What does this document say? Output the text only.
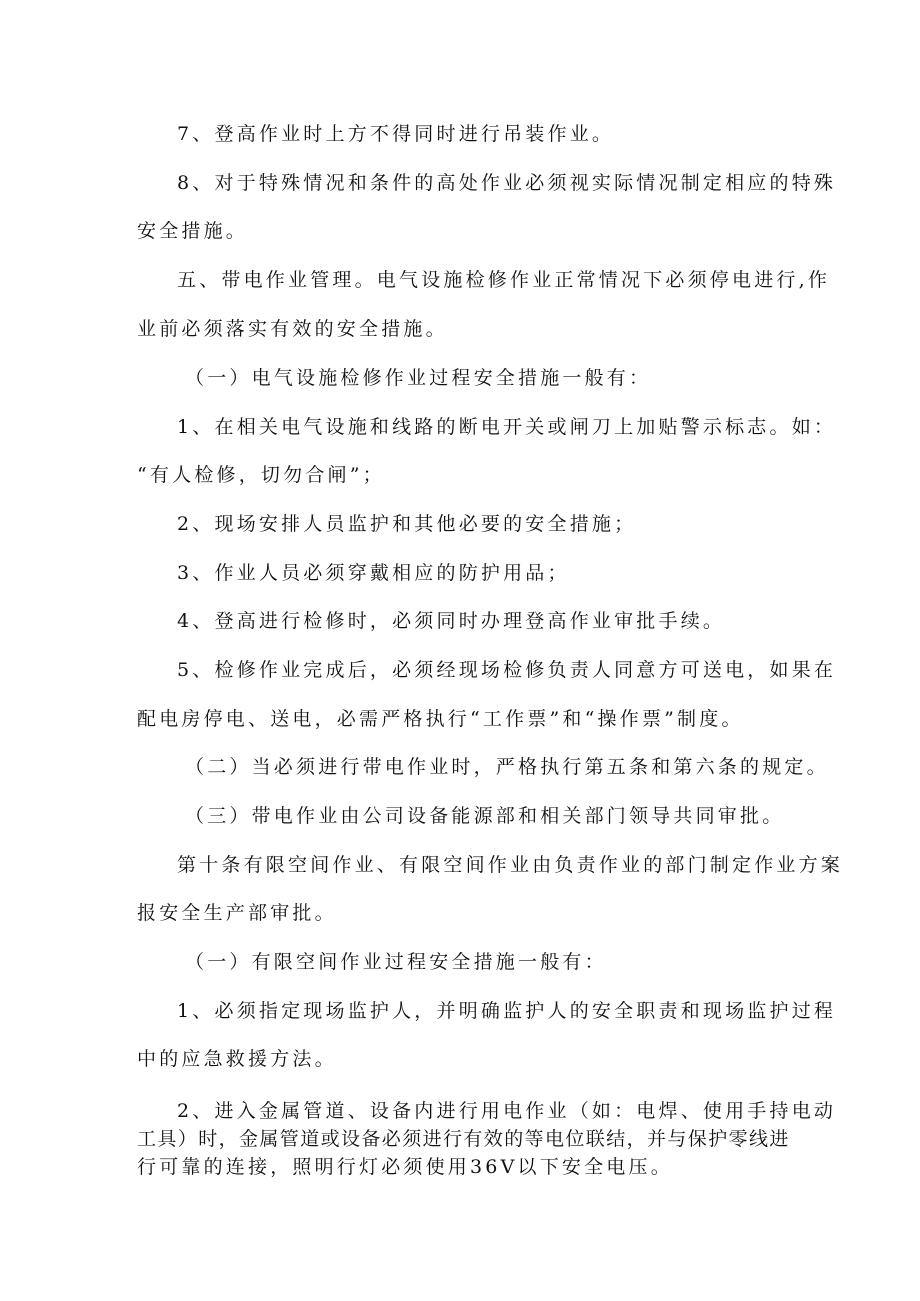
7、登高作业时上方不得同时进行吊装作业。
8、对于特殊情况和条件的高处作业必须视实际情况制定相应的特殊
安全措施。
五、带电作业管理。电气设施检修作业正常情况下必须停电进行,作
业前必须落实有效的安全措施。
（一）电气设施检修作业过程安全措施一般有：
1、在相关电气设施和线路的断电开关或闸刀上加贴警示标志。如：
“有人检修，切勿合闸”；
2、现场安排人员监护和其他必要的安全措施；
3、作业人员必须穿戴相应的防护用品；
4、登高进行检修时，必须同时办理登高作业审批手续。
5、检修作业完成后，必须经现场检修负责人同意方可送电，如果在
配电房停电、送电，必需严格执行“工作票”和“操作票”制度。
（二）当必须进行带电作业时，严格执行第五条和第六条的规定。
（三）带电作业由公司设备能源部和相关部门领导共同审批。
第十条有限空间作业、有限空间作业由负责作业的部门制定作业方案
报安全生产部审批。
（一）有限空间作业过程安全措施一般有：
1、必须指定现场监护人，并明确监护人的安全职责和现场监护过程
中的应急救援方法。
2、进入金属管道、设备内进行用电作业（如：电焊、使用手持电动
工具）时，金属管道或设备必须进行有效的等电位联结，并与保护零线进
行可靠的连接，照明行灯必须使用36V以下安全电压。
